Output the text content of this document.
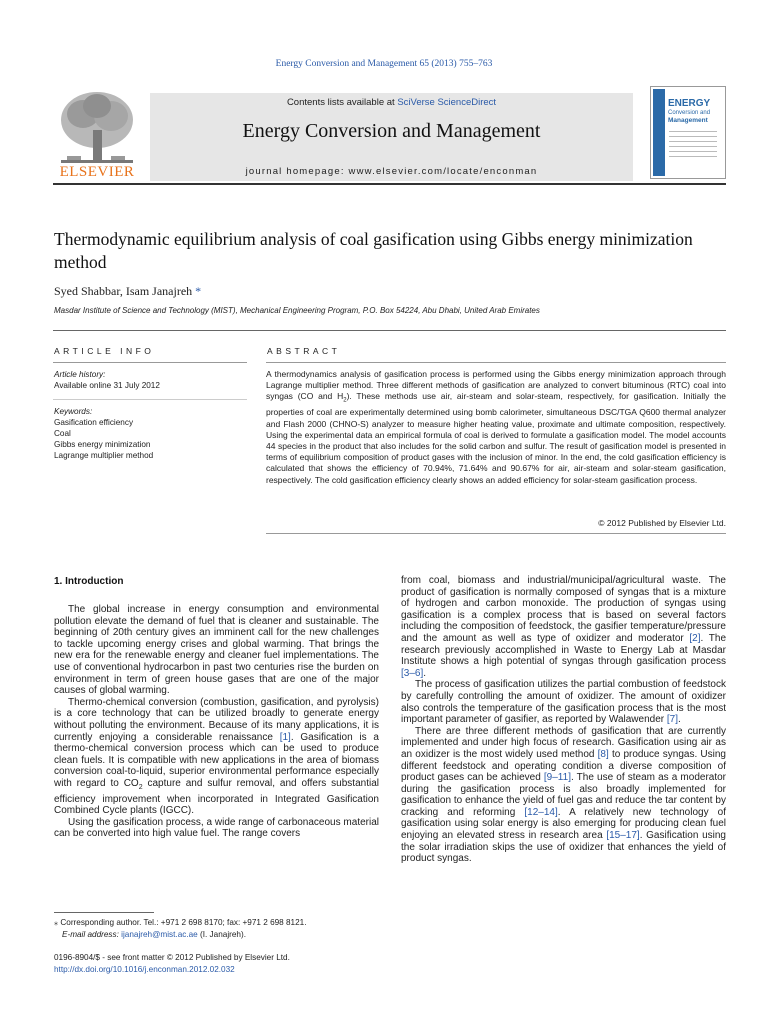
Energy Conversion and Management 65 (2013) 755–763
ELSEVIER
Contents lists available at SciVerse ScienceDirect
Energy Conversion and Management
journal homepage: www.elsevier.com/locate/enconman
ENERGY
Conversion and
Management
Thermodynamic equilibrium analysis of coal gasification using Gibbs energy minimization method
Syed Shabbar, Isam Janajreh *
Masdar Institute of Science and Technology (MIST), Mechanical Engineering Program, P.O. Box 54224, Abu Dhabi, United Arab Emirates
ARTICLE INFO	ABSTRACT
Article history:
Available online 31 July 2012
Keywords:
Gasification efficiency
Coal
Gibbs energy minimization
Lagrange multiplier method
A thermodynamics analysis of gasification process is performed using the Gibbs energy minimization approach through Lagrange multiplier method. Three different methods of gasification are analyzed to convert bituminous (RTC) coal into syngas (CO and $H_2$). These methods use air, air-steam and solar-steam, respectively, for gasification. Initially the properties of coal are experimentally determined using bomb calorimeter, simultaneous DSC/TGA Q600 thermal analyzer and Flash 2000 (CHNO-S) analyzer to measure higher heating value, proximate and ultimate composition, respectively. Using the experimental data an empirical formula of coal is derived to formulate a gasification model. The model accounts 44 species in the product that also includes for the solid carbon and sulfur. The result of gasification model is presented in terms of equilibrium composition of product gases with the inclusion of minor. In the end, the cold gasification efficiency is calculated that shows the efficiency of 70.94%, 71.64% and 90.67% for air, air-steam and solar-steam gasification, respectively. The cold gasification efficiency clearly shows an added efficiency for solar-steam gasification process.
© 2012 Published by Elsevier Ltd.
1. Introduction

The global increase in energy consumption and environmental pollution elevate the demand of fuel that is cleaner and sustainable. The beginning of 20th century gives an imminent call for the new challenges to tackle upcoming energy crises and global warming. That brings the new era for the renewable energy and cleaner fuel implementations. The use of conventional hydrocarbon in past two centuries rise the burden on environment in term of green house gases that are one of the major causes of global warming.

Thermo-chemical conversion (combustion, gasification, and pyrolysis) is a core technology that can be utilized broadly to generate energy without polluting the environment. Because of its many applications, it is currently enjoying a considerable renaissance [1]. Gasification is a thermo-chemical conversion process which can be used to produce clean fuels. It is compatible with new applications in the area of biomass conversion coal-to-liquid, superior environmental performance especially with regard to $CO_2$ capture and sulfur removal, and offers substantial efficiency improvement when incorporated in Integrated Gasification Combined Cycle plants (IGCC).

Using the gasification process, a wide range of carbonaceous material can be converted into high value fuel. The range covers

from coal, biomass and industrial/municipal/agricultural waste. The product of gasification is normally composed of syngas that is a mixture of hydrogen and carbon monoxide. The production of syngas using gasification is a complex process that is based on several factors including the composition of feedstock, the gasifier temperature/pressure and the amount as well as type of oxidizer and moderator [2]. The research previously accomplished in Waste to Energy Lab at Masdar Institute shows a high potential of syngas through gasification process [3–6].

The process of gasification utilizes the partial combustion of feedstock by carefully controlling the amount of oxidizer. The amount of oxidizer also controls the temperature of the gasification process that is the most important parameter of gasifier, as reported by Walawender [7].

There are three different methods of gasification that are currently implemented and under high focus of research. Gasification using air as an oxidizer is the most widely used method [8] to produce syngas. Using different feedstock and operating condition a diverse composition of product gases can be achieved [9–11]. The use of steam as a moderator during the gasification process is also broadly implemented for gasification to enhance the yield of fuel gas and reduce the tar content by cracking and reforming [12–14]. A relatively new technology of gasification using solar energy is also emerging for producing clean fuel enjoying an elevated stress in research area [15–17]. Gasification using the solar irradiation skips the use of oxidizer that enhances the yield of product syngas.

⁎ Corresponding author. Tel.: +971 2 698 8170; fax: +971 2 698 8121.
E-mail address: ijanajreh@mist.ac.ae (I. Janajreh).
0196-8904/$ - see front matter © 2012 Published by Elsevier Ltd.
http://dx.doi.org/10.1016/j.enconman.2012.02.032
